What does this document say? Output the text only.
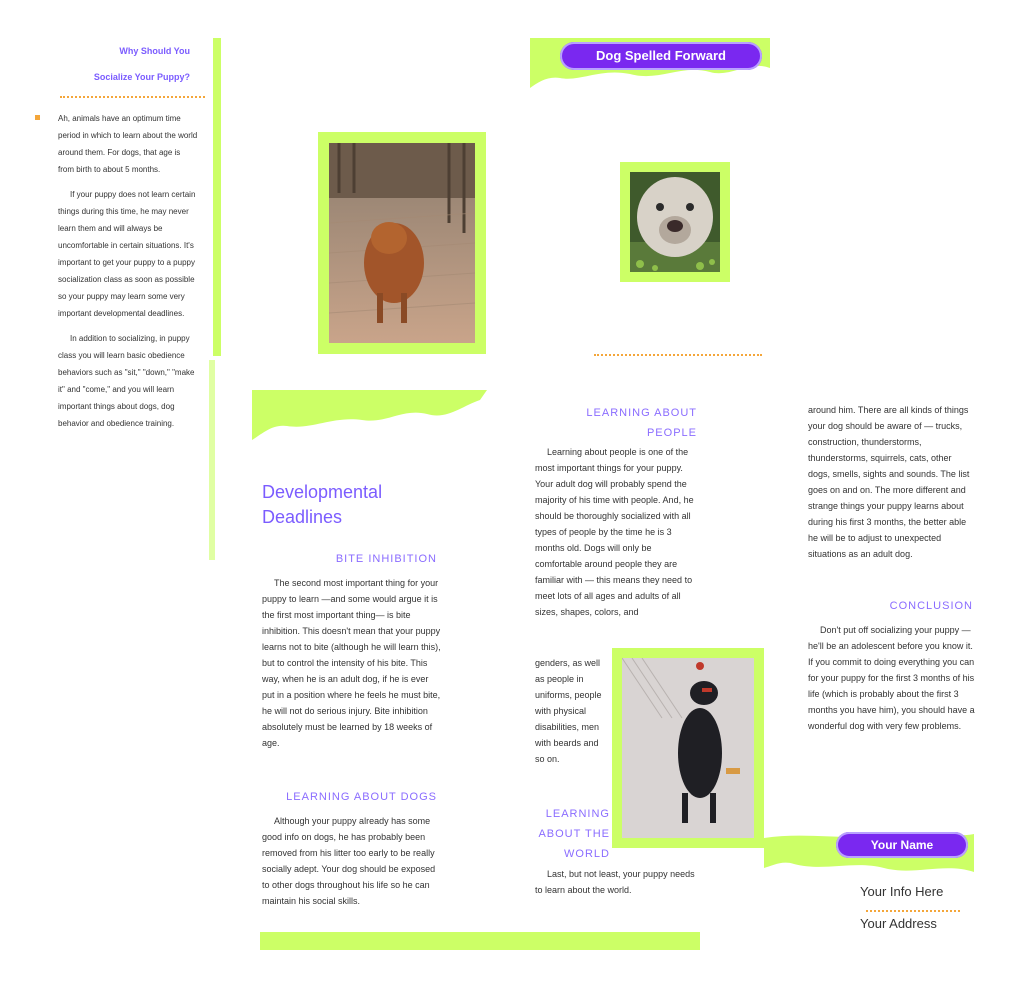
Why Should You
Socialize Your Puppy?

Ah, animals have an optimum time period in which to learn about the world around them. For dogs, that age is from birth to about 5 months.

If your puppy does not learn certain things during this time, he may never learn them and will always be uncomfortable in certain situations. It's important to get your puppy to a puppy socialization class as soon as possible so your puppy may learn some very important developmental deadlines.

In addition to socializing, in puppy class you will learn basic obedience behaviors such as "sit," "down," "make it" and "come," and you will learn important things about dogs, dog behavior and obedience training.

Dog Spelled Forward
Developmental Deadlines
BITE INHIBITION

The second most important thing for your puppy to learn —and some would argue it is the first most important thing— is bite inhibition. This doesn't mean that your puppy learns not to bite (although he will learn this), but to control the intensity of his bite. This way, when he is an adult dog, if he is ever put in a position where he feels he must bite, he will not do serious injury. Bite inhibition absolutely must be learned by 18 weeks of age.

LEARNING ABOUT DOGS

Although your puppy already has some good info on dogs, he has probably been removed from his litter too early to be really socially adept. Your dog should be exposed to other dogs throughout his life so he can maintain his social skills.

LEARNING ABOUT
PEOPLE

Learning about people is one of the most important things for your puppy. Your adult dog will probably spend the majority of his time with people. And, he should be thoroughly socialized with all types of people by the time he is 3 months old. Dogs will only be comfortable around people they are familiar with — this means they need to meet lots of all ages and adults of all sizes, shapes, colors, and

genders, as well as people in uniforms, people with physical disabilities, men with beards and so on.

LEARNING
ABOUT THE
WORLD

Last, but not least, your puppy needs to learn about the world.

around him. There are all kinds of things your dog should be aware of — trucks, construction, thunderstorms, thunderstorms, squirrels, cats, other dogs, smells, sights and sounds. The list goes on and on. The more different and strange things your puppy learns about during his first 3 months, the better able he will be to adjust to unexpected situations as an adult dog.

CONCLUSION

Don't put off socializing your puppy — he'll be an adolescent before you know it. If you commit to doing everything you can for your puppy for the first 3 months of his life (which is probably about the first 3 months you have him), you should have a wonderful dog with very few problems.

Your Name
Your Info Here
Your Address
